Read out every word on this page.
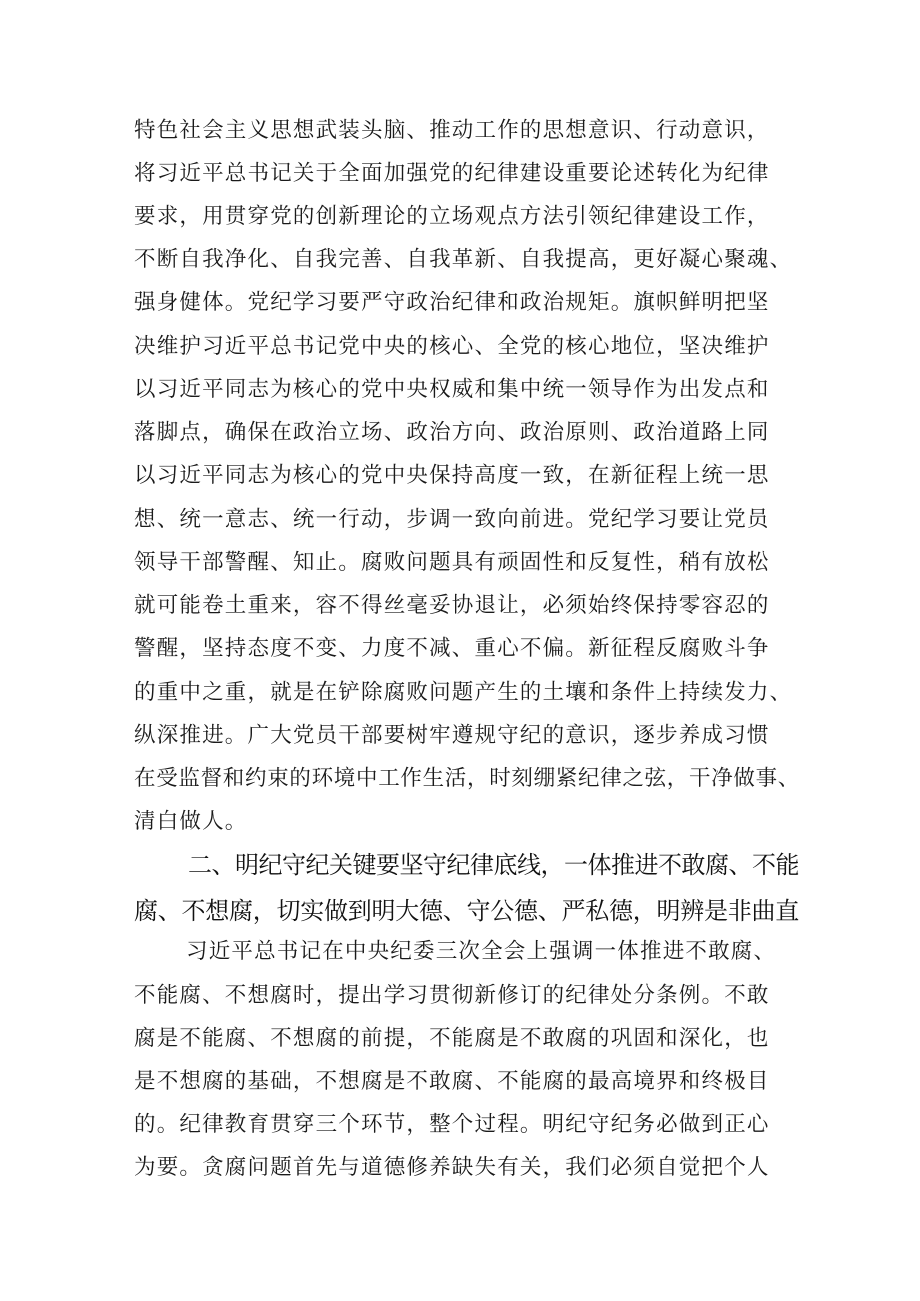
特色社会主义思想武装头脑、推动工作的思想意识、行动意识，

将习近平总书记关于全面加强党的纪律建设重要论述转化为纪律

要求，用贯穿党的创新理论的立场观点方法引领纪律建设工作，

不断自我净化、自我完善、自我革新、自我提高，更好凝心聚魂、

强身健体。党纪学习要严守政治纪律和政治规矩。旗帜鲜明把坚

决维护习近平总书记党中央的核心、全党的核心地位，坚决维护

以习近平同志为核心的党中央权威和集中统一领导作为出发点和

落脚点，确保在政治立场、政治方向、政治原则、政治道路上同

以习近平同志为核心的党中央保持高度一致，在新征程上统一思

想、统一意志、统一行动，步调一致向前进。党纪学习要让党员

领导干部警醒、知止。腐败问题具有顽固性和反复性，稍有放松

就可能卷土重来，容不得丝毫妥协退让，必须始终保持零容忍的

警醒，坚持态度不变、力度不减、重心不偏。新征程反腐败斗争

的重中之重，就是在铲除腐败问题产生的土壤和条件上持续发力、

纵深推进。广大党员干部要树牢遵规守纪的意识，逐步养成习惯

在受监督和约束的环境中工作生活，时刻绷紧纪律之弦，干净做事、

清白做人。

二、明纪守纪关键要坚守纪律底线，一体推进不敢腐、不能
腐、不想腐，切实做到明大德、守公德、严私德，明辨是非曲直

习近平总书记在中央纪委三次全会上强调一体推进不敢腐、

不能腐、不想腐时，提出学习贯彻新修订的纪律处分条例。不敢

腐是不能腐、不想腐的前提，不能腐是不敢腐的巩固和深化，也

是不想腐的基础，不想腐是不敢腐、不能腐的最高境界和终极目

的。纪律教育贯穿三个环节，整个过程。明纪守纪务必做到正心

为要。贪腐问题首先与道德修养缺失有关，我们必须自觉把个人
